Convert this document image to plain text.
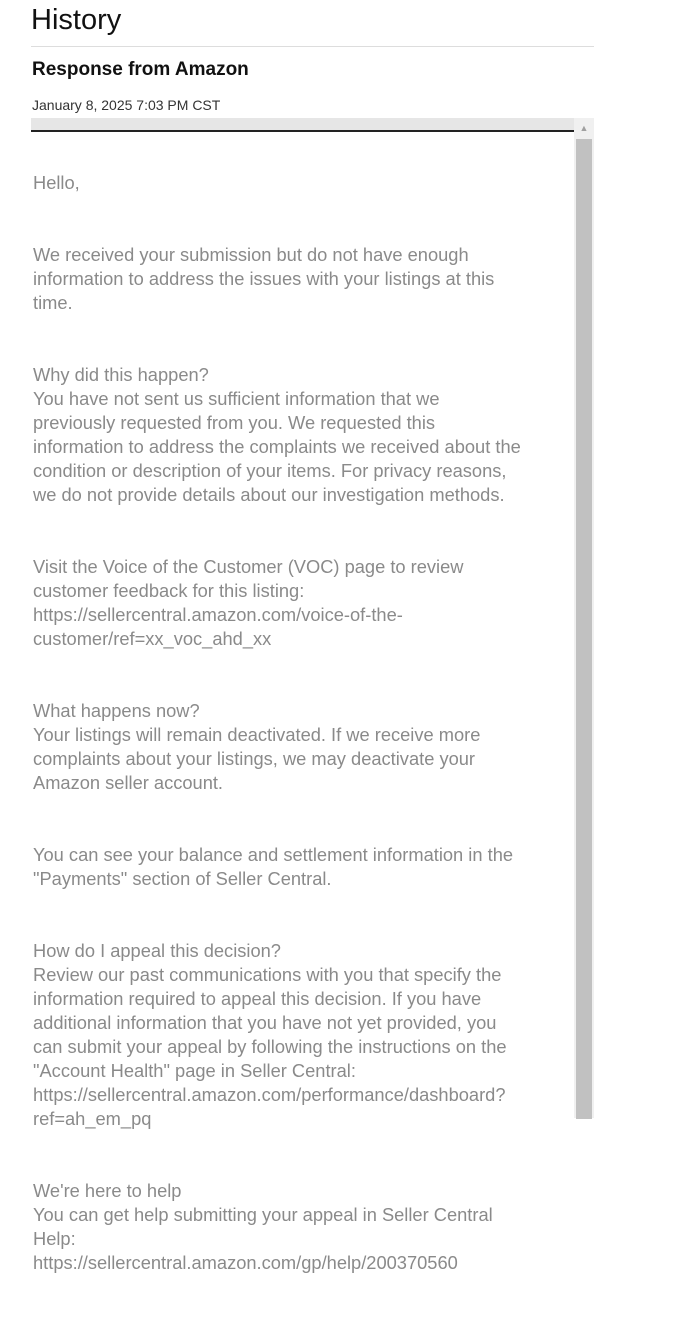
History
Response from Amazon
January 8, 2025 7:03 PM CST

Hello,

We received your submission but do not have enough
information to address the issues with your listings at this
time.

Why did this happen?
You have not sent us sufficient information that we
previously requested from you. We requested this
information to address the complaints we received about the
condition or description of your items. For privacy reasons,
we do not provide details about our investigation methods.

Visit the Voice of the Customer (VOC) page to review
customer feedback for this listing:
https://sellercentral.amazon.com/voice-of-the-
customer/ref=xx_voc_ahd_xx

What happens now?
Your listings will remain deactivated. If we receive more
complaints about your listings, we may deactivate your
Amazon seller account.

You can see your balance and settlement information in the
"Payments" section of Seller Central.

How do I appeal this decision?
Review our past communications with you that specify the
information required to appeal this decision. If you have
additional information that you have not yet provided, you
can submit your appeal by following the instructions on the
"Account Health" page in Seller Central:
https://sellercentral.amazon.com/performance/dashboard?
ref=ah_em_pq

We're here to help
You can get help submitting your appeal in Seller Central
Help:
https://sellercentral.amazon.com/gp/help/200370560

▲
